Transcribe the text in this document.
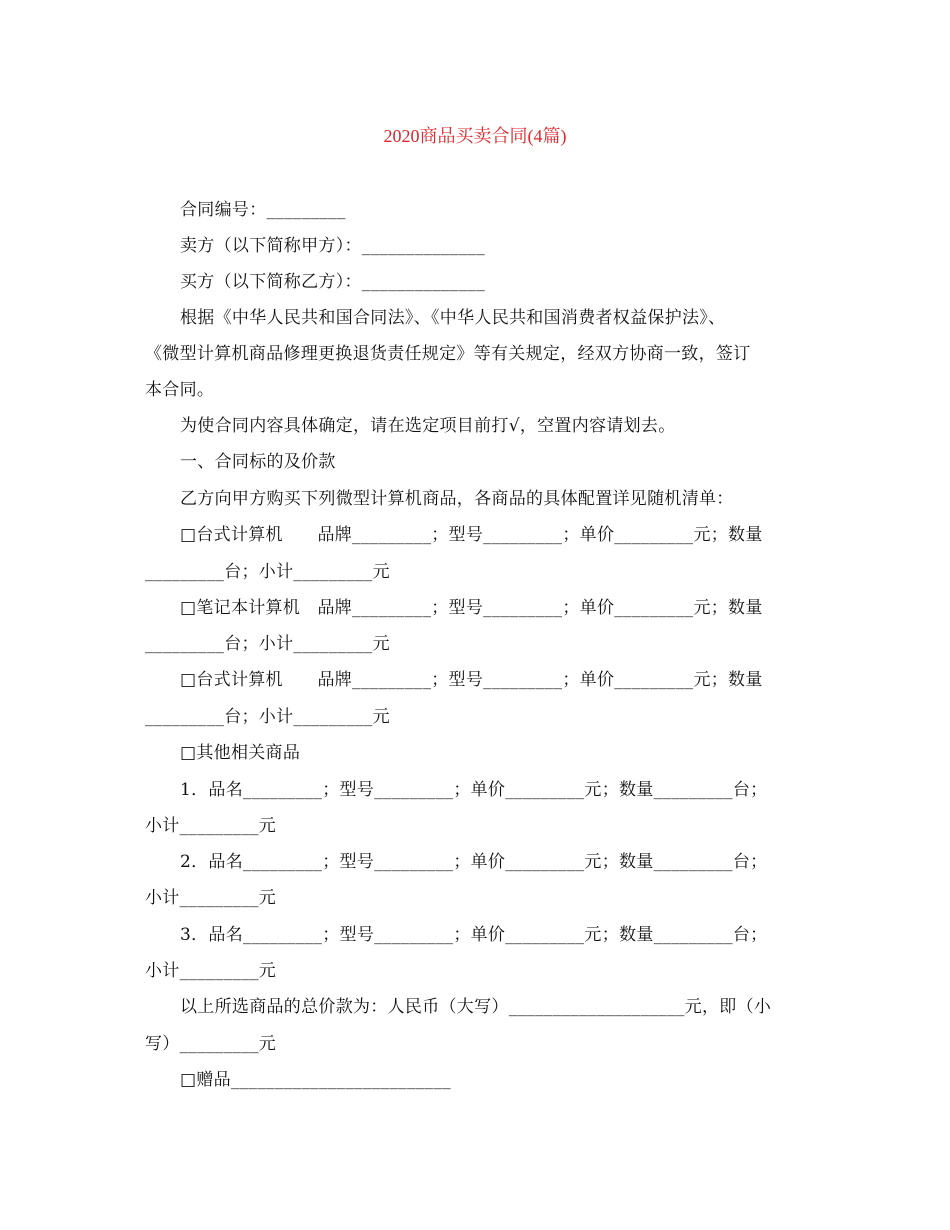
2020商品买卖合同(4篇)
合同编号：_________
卖方（以下简称甲方）：______________
买方（以下简称乙方）：______________
根据《中华人民共和国合同法》、《中华人民共和国消费者权益保护法》、
《微型计算机商品修理更换退货责任规定》等有关规定，经双方协商一致，签订
本合同。
为使合同内容具体确定，请在选定项目前打√，空置内容请划去。
一、合同标的及价款
乙方向甲方购买下列微型计算机商品，各商品的具体配置详见随机清单：
□台式计算机　　品牌_________；型号_________；单价_________元；数量
_________台；小计_________元
□笔记本计算机　品牌_________；型号_________；单价_________元；数量
_________台；小计_________元
□台式计算机　　品牌_________；型号_________；单价_________元；数量
_________台；小计_________元
□其他相关商品
1．品名_________；型号_________；单价_________元；数量_________台；
小计_________元
2．品名_________；型号_________；单价_________元；数量_________台；
小计_________元
3．品名_________；型号_________；单价_________元；数量_________台；
小计_________元
以上所选商品的总价款为：人民币（大写）____________________元，即（小
写）_________元
□赠品_________________________
